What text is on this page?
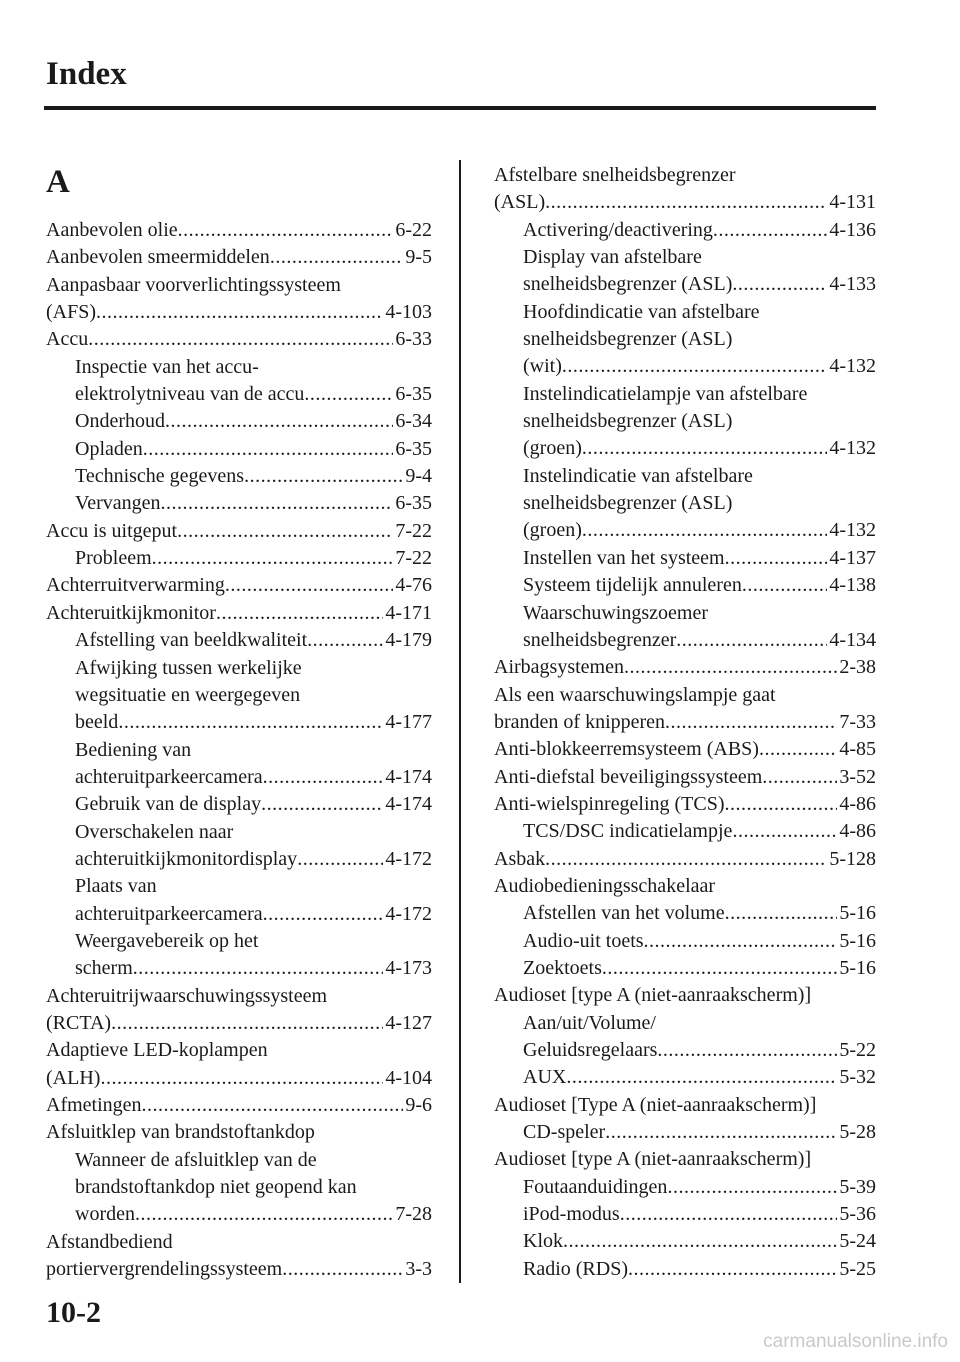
Index
A
Aanbevolen olie .....	6-22
Aanbevolen smeermiddelen .....	9-5
Aanpasbaar voorverlichtingssysteem
(AFS) .....	4-103
Accu .....	6-33
Inspectie van het accu-
elektrolytniveau van de accu .....	6-35
Onderhoud .....	6-34
Opladen .....	6-35
Technische gegevens .....	9-4
Vervangen .....	6-35
Accu is uitgeput .....	7-22
Probleem .....	7-22
Achterruitverwarming .....	4-76
Achteruitkijkmonitor .....	4-171
Afstelling van beeldkwaliteit .....	4-179
Afwijking tussen werkelijke
wegsituatie en weergegeven
beeld .....	4-177
Bediening van
achteruitparkeercamera .....	4-174
Gebruik van de display .....	4-174
Overschakelen naar
achteruitkijkmonitordisplay .....	4-172
Plaats van
achteruitparkeercamera .....	4-172
Weergavebereik op het
scherm .....	4-173
Achteruitrijwaarschuwingssysteem
(RCTA) .....	4-127
Adaptieve LED-koplampen
(ALH) .....	4-104
Afmetingen .....	9-6
Afsluitklep van brandstoftankdop
Wanneer de afsluitklep van de
brandstoftankdop niet geopend kan
worden .....	7-28
Afstandbediend
portiervergrendelingssysteem .....	3-3
Afstelbare snelheidsbegrenzer
(ASL) .....	4-131
Activering/deactivering .....	4-136
Display van afstelbare
snelheidsbegrenzer (ASL) .....	4-133
Hoofdindicatie van afstelbare
snelheidsbegrenzer (ASL)
(wit) .....	4-132
Instelindicatielampje van afstelbare
snelheidsbegrenzer (ASL)
(groen) .....	4-132
Instelindicatie van afstelbare
snelheidsbegrenzer (ASL)
(groen) .....	4-132
Instellen van het systeem .....	4-137
Systeem tijdelijk annuleren .....	4-138
Waarschuwingszoemer
snelheidsbegrenzer .....	4-134
Airbagsystemen .....	2-38
Als een waarschuwingslampje gaat
branden of knipperen .....	7-33
Anti-blokkeerremsysteem (ABS) .....	4-85
Anti-diefstal beveiligingssysteem .....	3-52
Anti-wielspinregeling (TCS) .....	4-86
TCS/DSC indicatielampje .....	4-86
Asbak .....	5-128
Audiobedieningsschakelaar
Afstellen van het volume .....	5-16
Audio-uit toets .....	5-16
Zoektoets .....	5-16
Audioset [type A (niet-aanraakscherm)]
Aan/uit/Volume/
Geluidsregelaars .....	5-22
AUX .....	5-32
Audioset [Type A (niet-aanraakscherm)]
CD-speler .....	5-28
Audioset [type A (niet-aanraakscherm)]
Foutaanduidingen .....	5-39
iPod-modus .....	5-36
Klok .....	5-24
Radio (RDS) .....	5-25
10-2
carmanualsonline.info
